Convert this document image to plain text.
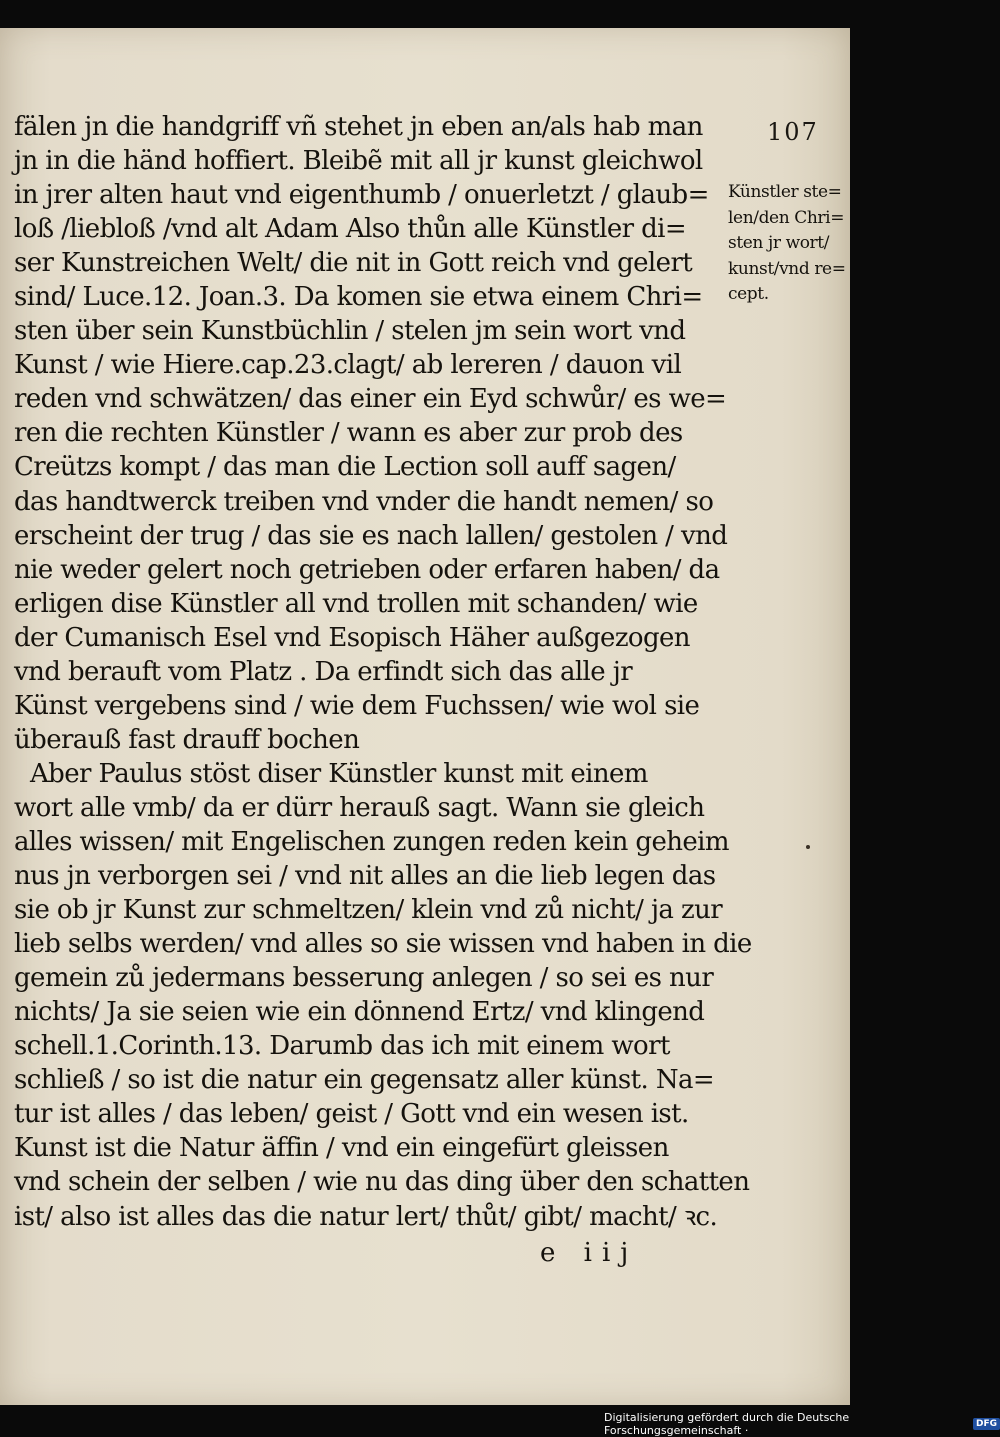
107
fälen jn die handgriff vñ stehet jn eben an/als hab man
jn in die händ hoffiert. Bleibẽ mit all jr kunst gleichwol
in jrer alten haut vnd eigenthumb / onuerletzt / glaub=
loß /liebloß /vnd alt Adam Also thůn alle Künstler di=
ser Kunstreichen Welt/ die nit in Gott reich vnd gelert
sind/ Luce.12. Joan.3. Da komen sie etwa einem Chri=
sten über sein Kunstbüchlin / stelen jm sein wort vnd
Kunst / wie Hiere.cap.23.clagt/ ab lereren / dauon vil
reden vnd schwätzen/ das einer ein Eyd schwůr/ es we=
ren die rechten Künstler / wann es aber zur prob des
Creützs kompt / das man die Lection soll auff sagen/
das handtwerck treiben vnd vnder die handt nemen/ so
erscheint der trug / das sie es nach lallen/ gestolen / vnd
nie weder gelert noch getrieben oder erfaren haben/ da
erligen dise Künstler all vnd trollen mit schanden/ wie
der Cumanisch Esel vnd Esopisch Häher außgezogen
vnd berauft vom Platz . Da erfindt sich das alle jr
Künst vergebens sind / wie dem Fuchssen/ wie wol sie
überauß fast drauff bochen
Aber Paulus stöst diser Künstler kunst mit einem
wort alle vmb/ da er dürr herauß sagt. Wann sie gleich
alles wissen/ mit Engelischen zungen reden kein geheim
nus jn verborgen sei / vnd nit alles an die lieb legen das
sie ob jr Kunst zur schmeltzen/ klein vnd zů nicht/ ja zur
lieb selbs werden/ vnd alles so sie wissen vnd haben in die
gemein zů jedermans besserung anlegen / so sei es nur
nichts/ Ja sie seien wie ein dönnend Ertz/ vnd klingend
schell.1.Corinth.13. Darumb das ich mit einem wort
schließ / so ist die natur ein gegensatz aller künst. Na=
tur ist alles / das leben/ geist / Gott vnd ein wesen ist.
Kunst ist die Natur äffin / vnd ein eingefürt gleissen
vnd schein der selben / wie nu das ding über den schatten
ist/ also ist alles das die natur lert/ thůt/ gibt/ macht/ ꝛc.
Künstler ste=
len/den Chri=
sten jr wort/
kunst/vnd re=
cept.
e iij
Digitalisierung gefördert durch die Deutsche Forschungsgemeinschaft ·	DFG
